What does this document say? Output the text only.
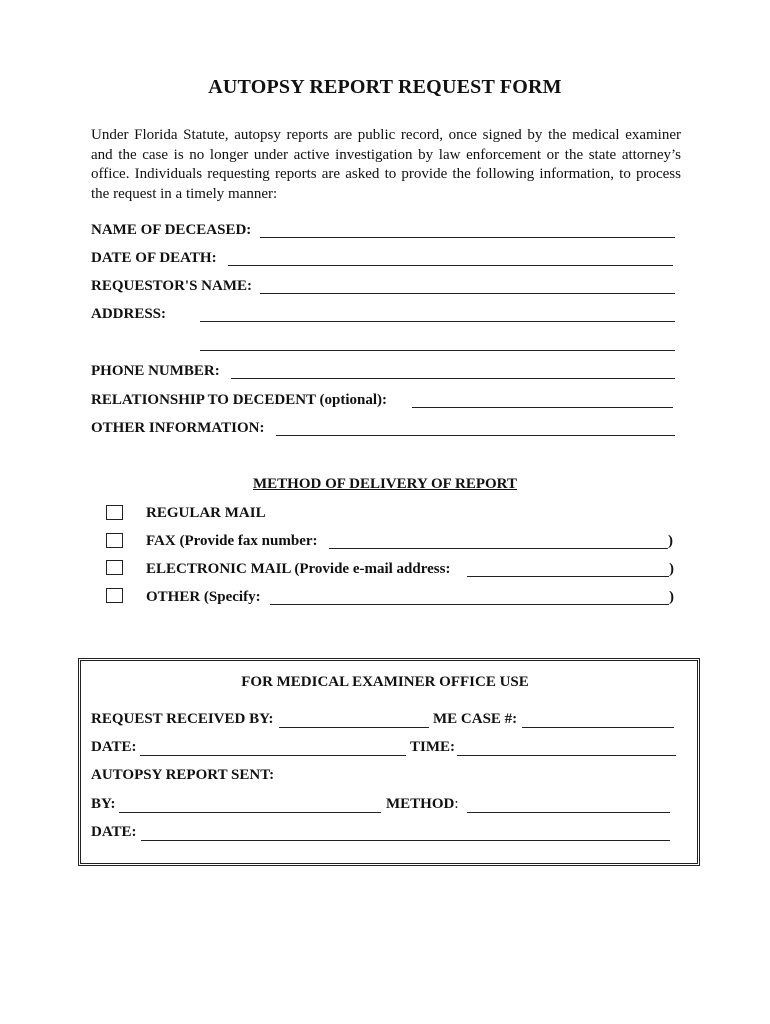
AUTOPSY REPORT REQUEST FORM
Under Florida Statute, autopsy reports are public record, once signed by the medical examiner and the case is no longer under active investigation by law enforcement or the state attorney’s office. Individuals requesting reports are asked to provide the following information, to process the request in a timely manner:
NAME OF DECEASED:
DATE OF DEATH:
REQUESTOR'S NAME:
ADDRESS:
PHONE NUMBER:
RELATIONSHIP TO DECEDENT (optional):
OTHER INFORMATION:
METHOD OF DELIVERY OF REPORT
REGULAR MAIL
FAX (Provide fax number:	)
ELECTRONIC MAIL (Provide e-mail address:	)
OTHER (Specify:	)
FOR MEDICAL EXAMINER OFFICE USE
REQUEST RECEIVED BY:	ME CASE #:
DATE:	TIME:
AUTOPSY REPORT SENT:
BY:	METHOD:
DATE:
